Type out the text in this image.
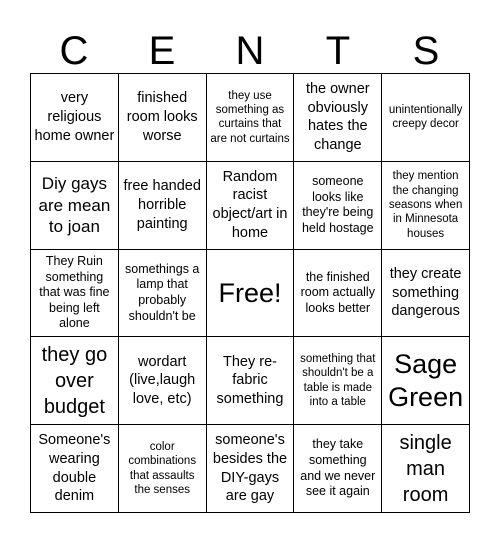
C	E	N	T	S
very religious home owner
finished room looks worse
they use something as curtains that are not curtains
the owner obviously hates the change
unintentionally creepy decor
Diy gays are mean to joan
free handed horrible painting
Random racist object/art in home
someone looks like they're being held hostage
they mention the changing seasons when in Minnesota houses
They Ruin something that was fine being left alone
somethings a lamp that probably shouldn't be
Free!
the finished room actually looks better
they create something dangerous
they go over budget
wordart (live,laugh love, etc)
They re-fabric something
something that shouldn't be a table is made into a table
Sage Green
Someone's wearing double denim
color combinations that assaults the senses
someone's besides the DIY-gays are gay
they take something and we never see it again
single man room
